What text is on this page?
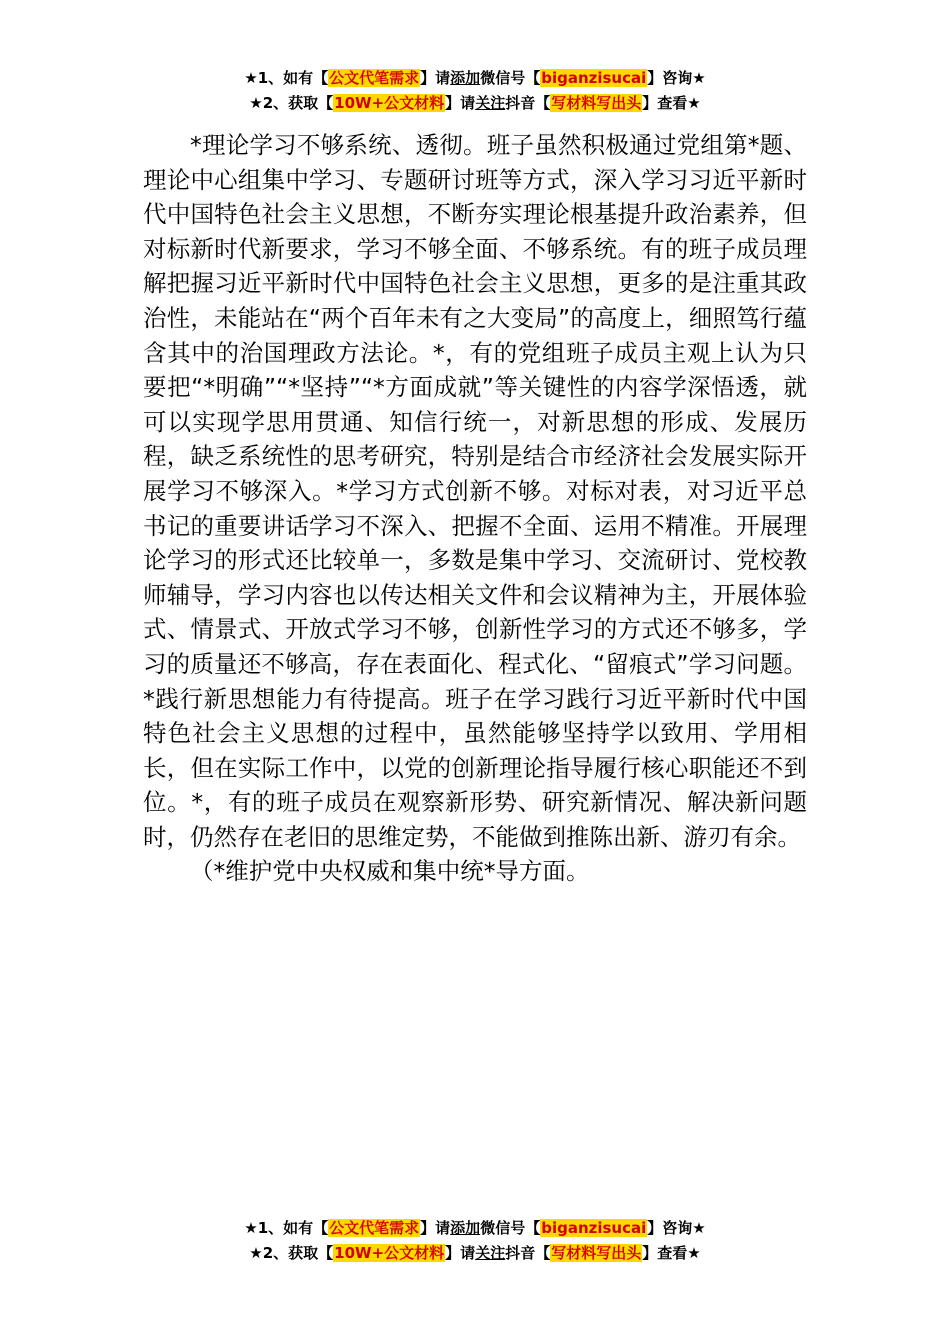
★1、如有【公文代笔需求】请添加微信号【biganzisucai】咨询★
★2、获取【10W+公文材料】请关注抖音【写材料写出头】查看★

*理论学习不够系统、透彻。班子虽然积极通过党组第*题、理论中心组集中学习、专题研讨班等方式，深入学习习近平新时代中国特色社会主义思想，不断夯实理论根基提升政治素养，但对标新时代新要求，学习不够全面、不够系统。有的班子成员理解把握习近平新时代中国特色社会主义思想，更多的是注重其政治性，未能站在“两个百年未有之大变局”的高度上，细照笃行蕴含其中的治国理政方法论。*，有的党组班子成员主观上认为只要把“*明确”“*坚持”“*方面成就”等关键性的内容学深悟透，就可以实现学思用贯通、知信行统一，对新思想的形成、发展历程，缺乏系统性的思考研究，特别是结合市经济社会发展实际开展学习不够深入。*学习方式创新不够。对标对表，对习近平总书记的重要讲话学习不深入、把握不全面、运用不精准。开展理论学习的形式还比较单一，多数是集中学习、交流研讨、党校教师辅导，学习内容也以传达相关文件和会议精神为主，开展体验式、情景式、开放式学习不够，创新性学习的方式还不够多，学习的质量还不够高，存在表面化、程式化、“留痕式”学习问题。*践行新思想能力有待提高。班子在学习践行习近平新时代中国特色社会主义思想的过程中，虽然能够坚持学以致用、学用相长，但在实际工作中，以党的创新理论指导履行核心职能还不到位。*，有的班子成员在观察新形势、研究新情况、解决新问题时，仍然存在老旧的思维定势，不能做到推陈出新、游刃有余。

（*维护党中央权威和集中统*导方面。

★1、如有【公文代笔需求】请添加微信号【biganzisucai】咨询★
★2、获取【10W+公文材料】请关注抖音【写材料写出头】查看★
